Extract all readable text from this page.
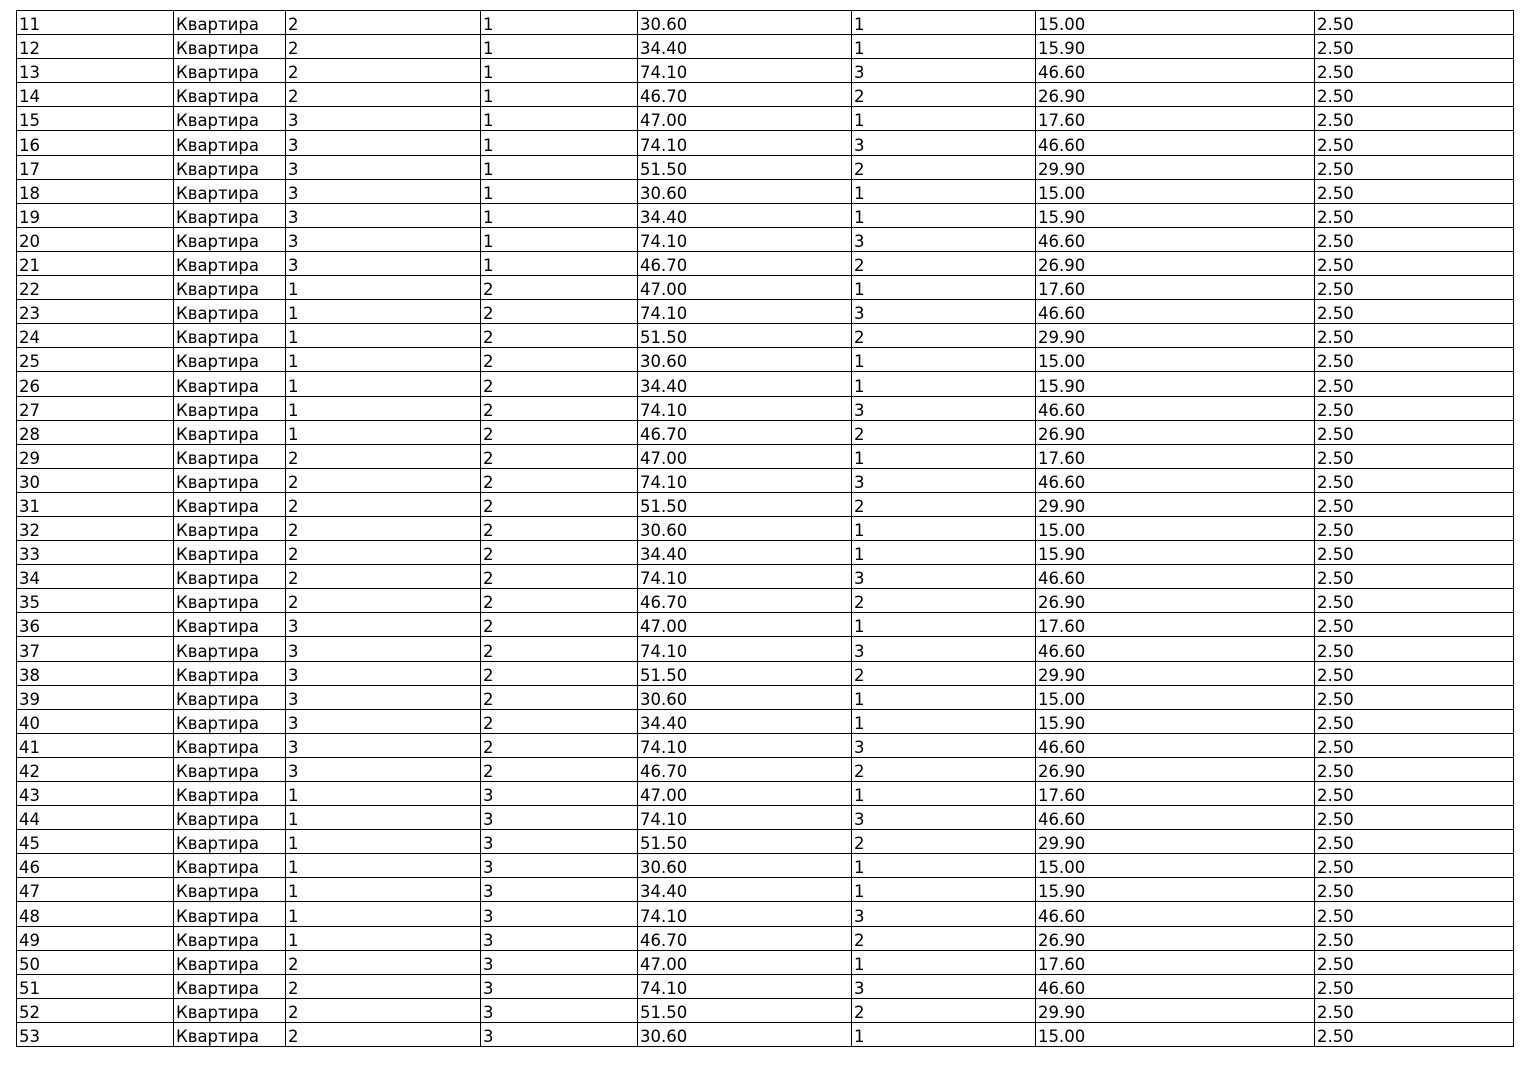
11	Квартира	2	1	30.60	1	15.00	2.50
12	Квартира	2	1	34.40	1	15.90	2.50
13	Квартира	2	1	74.10	3	46.60	2.50
14	Квартира	2	1	46.70	2	26.90	2.50
15	Квартира	3	1	47.00	1	17.60	2.50
16	Квартира	3	1	74.10	3	46.60	2.50
17	Квартира	3	1	51.50	2	29.90	2.50
18	Квартира	3	1	30.60	1	15.00	2.50
19	Квартира	3	1	34.40	1	15.90	2.50
20	Квартира	3	1	74.10	3	46.60	2.50
21	Квартира	3	1	46.70	2	26.90	2.50
22	Квартира	1	2	47.00	1	17.60	2.50
23	Квартира	1	2	74.10	3	46.60	2.50
24	Квартира	1	2	51.50	2	29.90	2.50
25	Квартира	1	2	30.60	1	15.00	2.50
26	Квартира	1	2	34.40	1	15.90	2.50
27	Квартира	1	2	74.10	3	46.60	2.50
28	Квартира	1	2	46.70	2	26.90	2.50
29	Квартира	2	2	47.00	1	17.60	2.50
30	Квартира	2	2	74.10	3	46.60	2.50
31	Квартира	2	2	51.50	2	29.90	2.50
32	Квартира	2	2	30.60	1	15.00	2.50
33	Квартира	2	2	34.40	1	15.90	2.50
34	Квартира	2	2	74.10	3	46.60	2.50
35	Квартира	2	2	46.70	2	26.90	2.50
36	Квартира	3	2	47.00	1	17.60	2.50
37	Квартира	3	2	74.10	3	46.60	2.50
38	Квартира	3	2	51.50	2	29.90	2.50
39	Квартира	3	2	30.60	1	15.00	2.50
40	Квартира	3	2	34.40	1	15.90	2.50
41	Квартира	3	2	74.10	3	46.60	2.50
42	Квартира	3	2	46.70	2	26.90	2.50
43	Квартира	1	3	47.00	1	17.60	2.50
44	Квартира	1	3	74.10	3	46.60	2.50
45	Квартира	1	3	51.50	2	29.90	2.50
46	Квартира	1	3	30.60	1	15.00	2.50
47	Квартира	1	3	34.40	1	15.90	2.50
48	Квартира	1	3	74.10	3	46.60	2.50
49	Квартира	1	3	46.70	2	26.90	2.50
50	Квартира	2	3	47.00	1	17.60	2.50
51	Квартира	2	3	74.10	3	46.60	2.50
52	Квартира	2	3	51.50	2	29.90	2.50
53	Квартира	2	3	30.60	1	15.00	2.50
